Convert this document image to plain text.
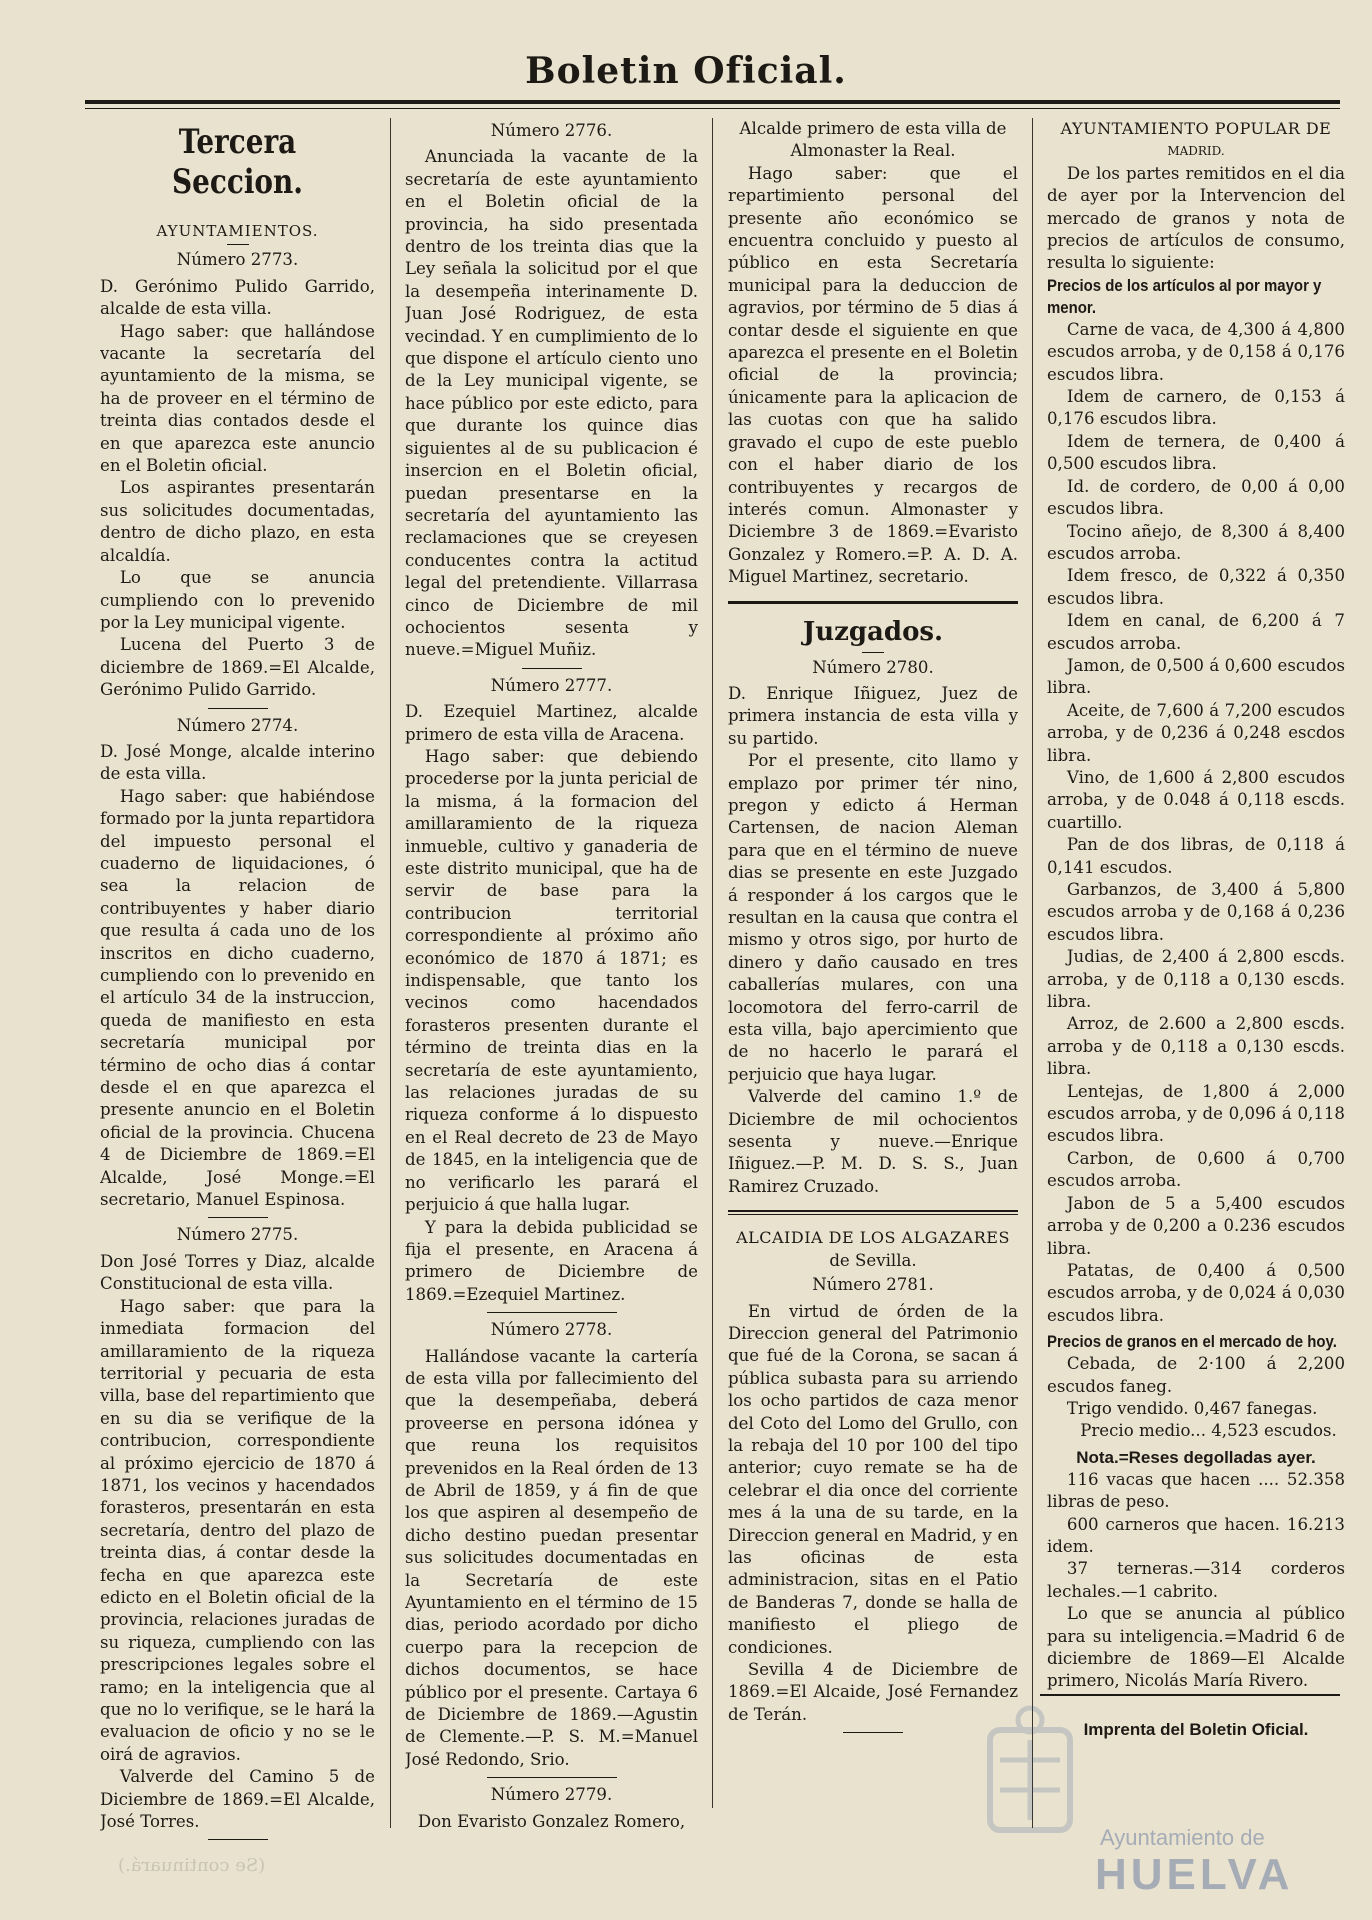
Boletin Oficial.
Tercera Seccion.
AYUNTAMIENTOS.
Número 2773.

D. Gerónimo Pulido Garrido, alcalde de esta villa.

Hago saber: que hallándose vacante la secretaría del ayuntamiento de la misma, se ha de proveer en el término de treinta dias contados desde el en que aparezca este anuncio en el Boletin oficial.

Los aspirantes presentarán sus solicitudes documentadas, dentro de dicho plazo, en esta alcaldía.

Lo que se anuncia cumpliendo con lo prevenido por la Ley municipal vigente.

Lucena del Puerto 3 de diciembre de 1869.=El Alcalde, Gerónimo Pulido Garrido.

Número 2774.

D. José Monge, alcalde interino de esta villa.

Hago saber: que habiéndose formado por la junta repartidora del impuesto personal el cuaderno de liquidaciones, ó sea la relacion de contribuyentes y haber diario que resulta á cada uno de los inscritos en dicho cuaderno, cumpliendo con lo prevenido en el artículo 34 de la instruccion, queda de manifiesto en esta secretaría municipal por término de ocho dias á contar desde el en que aparezca el presente anuncio en el Boletin oficial de la provincia. Chucena 4 de Diciembre de 1869.=El Alcalde, José Monge.=El secretario, Manuel Espinosa.

Número 2775.

Don José Torres y Diaz, alcalde Constitucional de esta villa.

Hago saber: que para la inmediata formacion del amillaramiento de la riqueza territorial y pecuaria de esta villa, base del repartimiento que en su dia se verifique de la contribucion, correspondiente al próximo ejercicio de 1870 á 1871, los vecinos y hacendados forasteros, presentarán en esta secretaría, dentro del plazo de treinta dias, á contar desde la fecha en que aparezca este edicto en el Boletin oficial de la provincia, relaciones juradas de su riqueza, cumpliendo con las prescripciones legales sobre el ramo; en la inteligencia que al que no lo verifique, se le hará la evaluacion de oficio y no se le oirá de agravios.

Valverde del Camino 5 de Diciembre de 1869.=El Alcalde, José Torres.

Número 2776.

Anunciada la vacante de la secretaría de este ayuntamiento en el Boletin oficial de la provincia, ha sido presentada dentro de los treinta dias que la Ley señala la solicitud por el que la desempeña interinamente D. Juan José Rodriguez, de esta vecindad. Y en cumplimiento de lo que dispone el artículo ciento uno de la Ley municipal vigente, se hace público por este edicto, para que durante los quince dias siguientes al de su publicacion é insercion en el Boletin oficial, puedan presentarse en la secretaría del ayuntamiento las reclamaciones que se creyesen conducentes contra la actitud legal del pretendiente. Villarrasa cinco de Diciembre de mil ochocientos sesenta y nueve.=Miguel Muñiz.

Número 2777.

D. Ezequiel Martinez, alcalde primero de esta villa de Aracena.

Hago saber: que debiendo procederse por la junta pericial de la misma, á la formacion del amillaramiento de la riqueza inmueble, cultivo y ganaderia de este distrito municipal, que ha de servir de base para la contribucion territorial correspondiente al próximo año económico de 1870 á 1871; es indispensable, que tanto los vecinos como hacendados forasteros presenten durante el término de treinta dias en la secretaría de este ayuntamiento, las relaciones juradas de su riqueza conforme á lo dispuesto en el Real decreto de 23 de Mayo de 1845, en la inteligencia que de no verificarlo les parará el perjuicio á que halla lugar.

Y para la debida publicidad se fija el presente, en Aracena á primero de Diciembre de 1869.=Ezequiel Martinez.

Número 2778.

Hallándose vacante la cartería de esta villa por fallecimiento del que la desempeñaba, deberá proveerse en persona idónea y que reuna los requisitos prevenidos en la Real órden de 13 de Abril de 1859, y á fin de que los que aspiren al desempeño de dicho destino puedan presentar sus solicitudes documentadas en la Secretaría de este Ayuntamiento en el término de 15 dias, periodo acordado por dicho cuerpo para la recepcion de dichos documentos, se hace público por el presente. Cartaya 6 de Diciembre de 1869.—Agustin de Clemente.—P. S. M.=Manuel José Redondo, Srio.

Número 2779.

Don Evaristo Gonzalez Romero,

Alcalde primero de esta villa de Almonaster la Real.

Hago saber: que el repartimiento personal del presente año económico se encuentra concluido y puesto al público en esta Secretaría municipal para la deduccion de agravios, por término de 5 dias á contar desde el siguiente en que aparezca el presente en el Boletin oficial de la provincia; únicamente para la aplicacion de las cuotas con que ha salido gravado el cupo de este pueblo con el haber diario de los contribuyentes y recargos de interés comun. Almonaster y Diciembre 3 de 1869.=Evaristo Gonzalez y Romero.=P. A. D. A. Miguel Martinez, secretario.

Juzgados.
Número 2780.

D. Enrique Iñiguez, Juez de primera instancia de esta villa y su partido.

Por el presente, cito llamo y emplazo por primer tér nino, pregon y edicto á Herman Cartensen, de nacion Aleman para que en el término de nueve dias se presente en este Juzgado á responder á los cargos que le resultan en la causa que contra el mismo y otros sigo, por hurto de dinero y daño causado en tres caballerías mulares, con una locomotora del ferro-carril de esta villa, bajo apercimiento que de no hacerlo le parará el perjuicio que haya lugar.

Valverde del camino 1.º de Diciembre de mil ochocientos sesenta y nueve.—Enrique Iñiguez.—P. M. D. S. S., Juan Ramirez Cruzado.

ALCAIDIA DE LOS ALGAZARES
de Sevilla.
Número 2781.

En virtud de órden de la Direccion general del Patrimonio que fué de la Corona, se sacan á pública subasta para su arriendo los ocho partidos de caza menor del Coto del Lomo del Grullo, con la rebaja del 10 por 100 del tipo anterior; cuyo remate se ha de celebrar el dia once del corriente mes á la una de su tarde, en la Direccion general en Madrid, y en las oficinas de esta administracion, sitas en el Patio de Banderas 7, donde se halla de manifiesto el pliego de condiciones.

Sevilla 4 de Diciembre de 1869.=El Alcaide, José Fernandez de Terán.

AYUNTAMIENTO POPULAR DE
MADRID.

De los partes remitidos en el dia de ayer por la Intervencion del mercado de granos y nota de precios de artículos de consumo, resulta lo siguiente:

Precios de los artículos al por mayor y menor.

Carne de vaca, de 4,300 á 4,800 escudos arroba, y de 0,158 á 0,176 escudos libra.

Idem de carnero, de 0,153 á 0,176 escudos libra.

Idem de ternera, de 0,400 á 0,500 escudos libra.

Id. de cordero, de 0,00 á 0,00 escudos libra.

Tocino añejo, de 8,300 á 8,400 escudos arroba.

Idem fresco, de 0,322 á 0,350 escudos libra.

Idem en canal, de 6,200 á 7 escudos arroba.

Jamon, de 0,500 á 0,600 escudos libra.

Aceite, de 7,600 á 7,200 escudos arroba, y de 0,236 á 0,248 escdos libra.

Vino, de 1,600 á 2,800 escudos arroba, y de 0.048 á 0,118 escds. cuartillo.

Pan de dos libras, de 0,118 á 0,141 escudos.

Garbanzos, de 3,400 á 5,800 escudos arroba y de 0,168 á 0,236 escudos libra.

Judias, de 2,400 á 2,800 escds. arroba, y de 0,118 a 0,130 escds. libra.

Arroz, de 2.600 a 2,800 escds. arroba y de 0,118 a 0,130 escds. libra.

Lentejas, de 1,800 á 2,000 escudos arroba, y de 0,096 á 0,118 escudos libra.

Carbon, de 0,600 á 0,700 escudos arroba.

Jabon de 5 a 5,400 escudos arroba y de 0,200 a 0.236 escudos libra.

Patatas, de 0,400 á 0,500 escudos arroba, y de 0,024 á 0,030 escudos libra.

Precios de granos en el mercado de hoy.

Cebada, de 2·100 á 2,200 escudos faneg.

Trigo vendido. 0,467 fanegas.

Precio medio... 4,523 escudos.

Nota.=Reses degolladas ayer.

116 vacas que hacen .... 52.358 libras de peso.

600 carneros que hacen. 16.213 idem.

37 terneras.—314 corderos lechales.—1 cabrito.

Lo que se anuncia al público para su inteligencia.=Madrid 6 de diciembre de 1869—El Alcalde primero, Nicolás María Rivero.

Imprenta del Boletin Oficial.
Ayuntamiento de
HUELVA
(Se continuará.)
